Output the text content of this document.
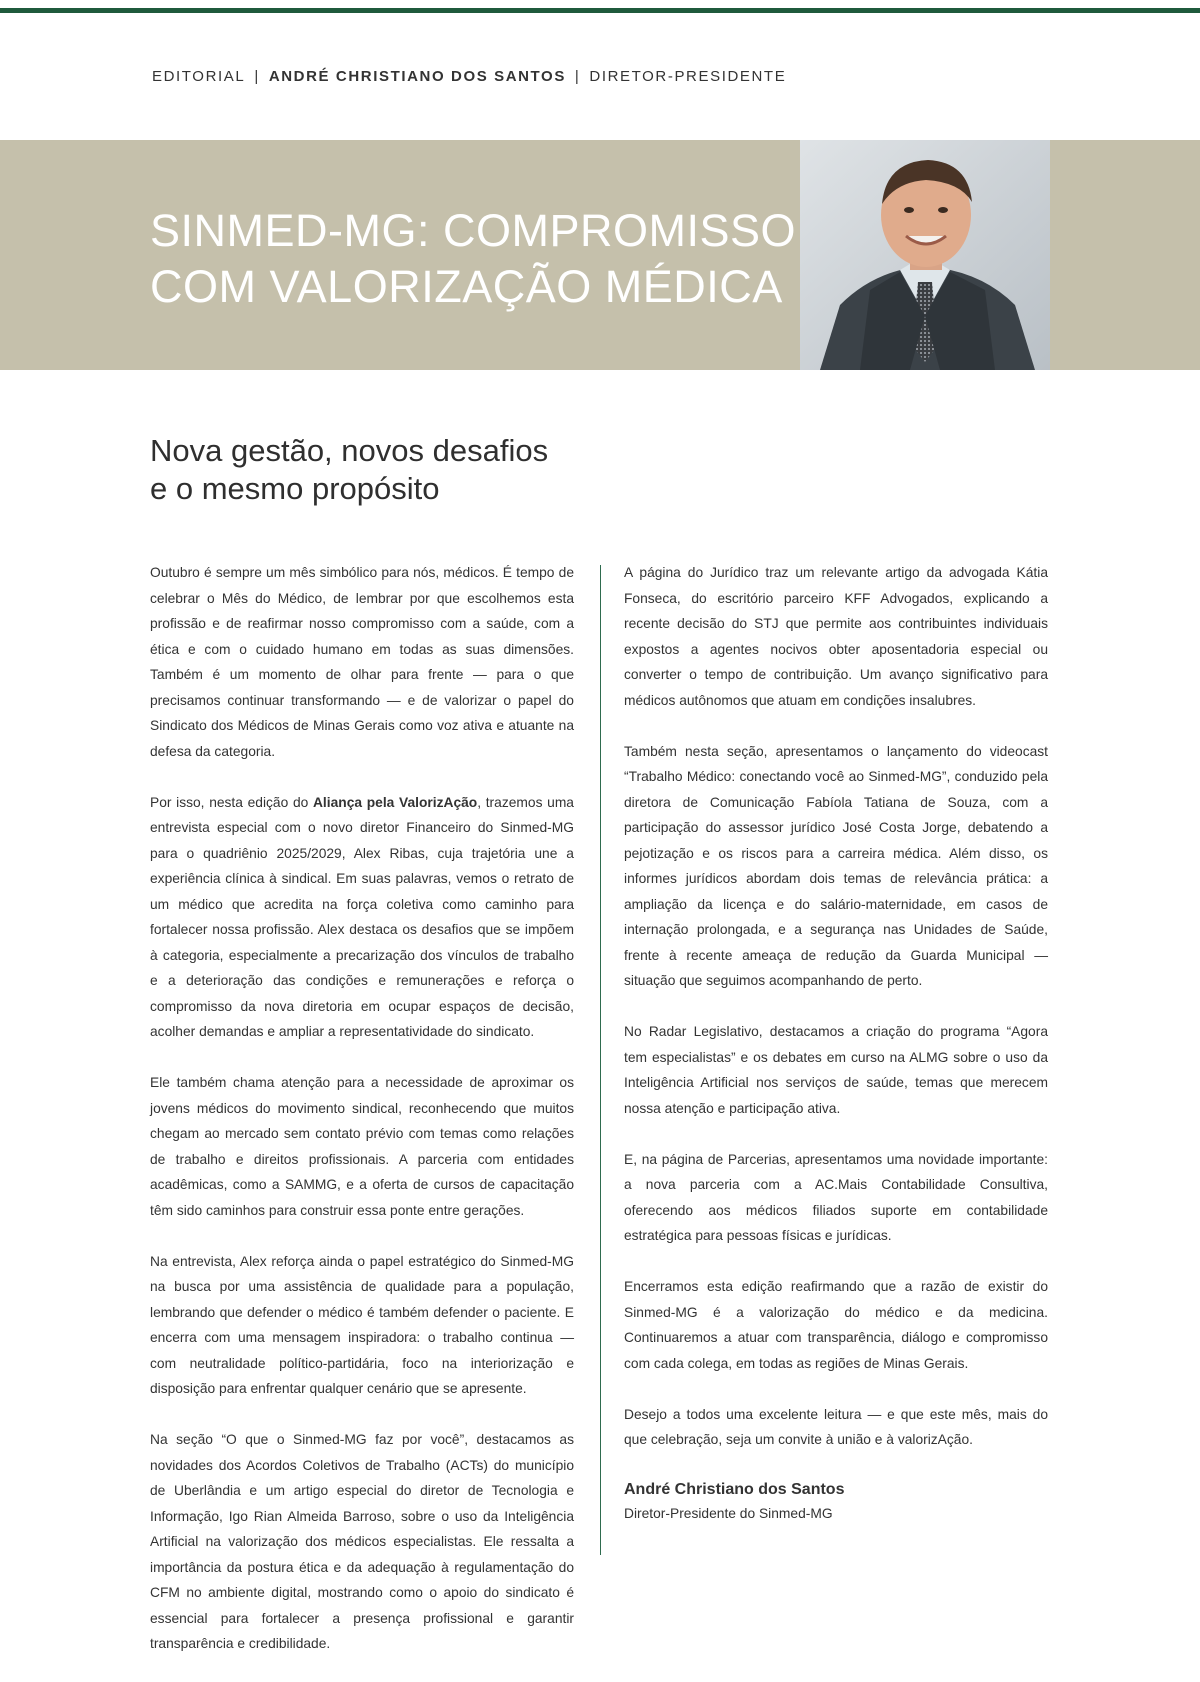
EDITORIAL | ANDRÉ CHRISTIANO DOS SANTOS | DIRETOR-PRESIDENTE
SINMED-MG: COMPROMISSO
COM VALORIZAÇÃO MÉDICA
Nova gestão, novos desafios
e o mesmo propósito

Outubro é sempre um mês simbólico para nós, médicos. É tempo de celebrar o Mês do Médico, de lembrar por que escolhemos esta profissão e de reafirmar nosso compromisso com a saúde, com a ética e com o cuidado humano em todas as suas dimensões. Também é um momento de olhar para frente — para o que precisamos continuar transformando — e de valorizar o papel do Sindicato dos Médicos de Minas Gerais como voz ativa e atuante na defesa da categoria.

Por isso, nesta edição do Aliança pela ValorizAção, trazemos uma entrevista especial com o novo diretor Financeiro do Sinmed-MG para o quadriênio 2025/2029, Alex Ribas, cuja trajetória une a experiência clínica à sindical. Em suas palavras, vemos o retrato de um médico que acredita na força coletiva como caminho para fortalecer nossa profissão. Alex destaca os desafios que se impõem à categoria, especialmente a precarização dos vínculos de trabalho e a deterioração das condições e remunerações e reforça o compromisso da nova diretoria em ocupar espaços de decisão, acolher demandas e ampliar a representatividade do sindicato.

Ele também chama atenção para a necessidade de aproximar os jovens médicos do movimento sindical, reconhecendo que muitos chegam ao mercado sem contato prévio com temas como relações de trabalho e direitos profissionais. A parceria com entidades acadêmicas, como a SAMMG, e a oferta de cursos de capacitação têm sido caminhos para construir essa ponte entre gerações.

Na entrevista, Alex reforça ainda o papel estratégico do Sinmed-MG na busca por uma assistência de qualidade para a população, lembrando que defender o médico é também defender o paciente. E encerra com uma mensagem inspiradora: o trabalho continua — com neutralidade político-partidária, foco na interiorização e disposição para enfrentar qualquer cenário que se apresente.

Na seção “O que o Sinmed-MG faz por você”, destacamos as novidades dos Acordos Coletivos de Trabalho (ACTs) do município de Uberlândia e um artigo especial do diretor de Tecnologia e Informação, Igo Rian Almeida Barroso, sobre o uso da Inteligência Artificial na valorização dos médicos especialistas. Ele ressalta a importância da postura ética e da adequação à regulamentação do CFM no ambiente digital, mostrando como o apoio do sindicato é essencial para fortalecer a presença profissional e garantir transparência e credibilidade.

A página do Jurídico traz um relevante artigo da advogada Kátia Fonseca, do escritório parceiro KFF Advogados, explicando a recente decisão do STJ que permite aos contribuintes individuais expostos a agentes nocivos obter aposentadoria especial ou converter o tempo de contribuição. Um avanço significativo para médicos autônomos que atuam em condições insalubres.

Também nesta seção, apresentamos o lançamento do videocast “Trabalho Médico: conectando você ao Sinmed-MG”, conduzido pela diretora de Comunicação Fabíola Tatiana de Souza, com a participação do assessor jurídico José Costa Jorge, debatendo a pejotização e os riscos para a carreira médica. Além disso, os informes jurídicos abordam dois temas de relevância prática: a ampliação da licença e do salário-maternidade, em casos de internação prolongada, e a segurança nas Unidades de Saúde, frente à recente ameaça de redução da Guarda Municipal — situação que seguimos acompanhando de perto.

No Radar Legislativo, destacamos a criação do programa “Agora tem especialistas” e os debates em curso na ALMG sobre o uso da Inteligência Artificial nos serviços de saúde, temas que merecem nossa atenção e participação ativa.

E, na página de Parcerias, apresentamos uma novidade importante: a nova parceria com a AC.Mais Contabilidade Consultiva, oferecendo aos médicos filiados suporte em contabilidade estratégica para pessoas físicas e jurídicas.

Encerramos esta edição reafirmando que a razão de existir do Sinmed-MG é a valorização do médico e da medicina. Continuaremos a atuar com transparência, diálogo e compromisso com cada colega, em todas as regiões de Minas Gerais.

Desejo a todos uma excelente leitura — e que este mês, mais do que celebração, seja um convite à união e à valorizAção.

André Christiano dos Santos
Diretor-Presidente do Sinmed-MG
